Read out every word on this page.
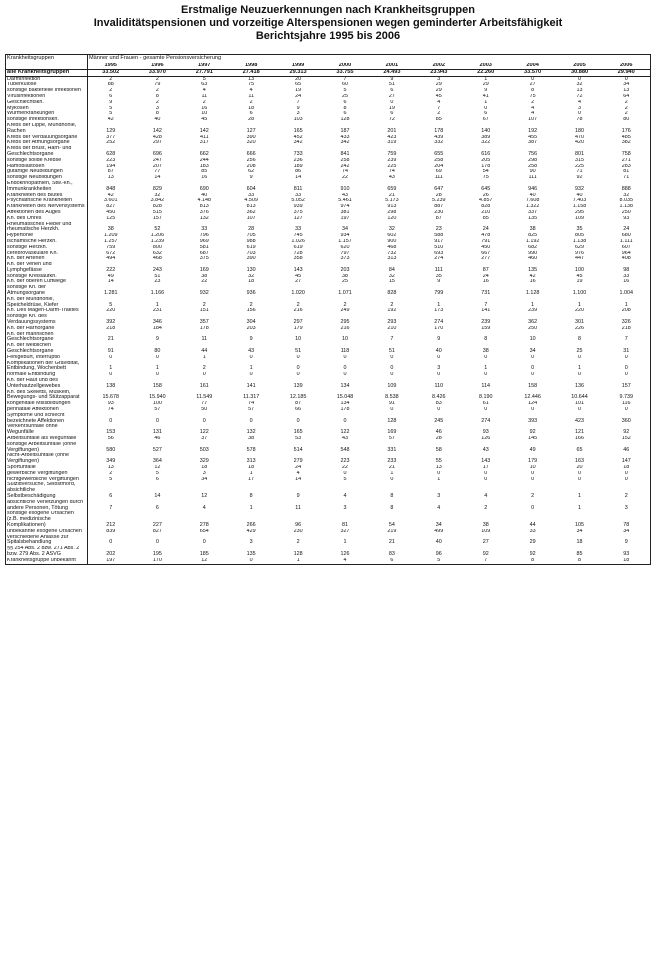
Erstmalige Neuzuerkennungen nach Krankheitsgruppen
Invaliditätspensionen und vorzeitige Alterspensionen wegen geminderter Arbeitsfähigkeit
Berichtsjahre 1995 bis 2006
Krankheitsgruppen	Männer und Frauen - gesamte Pensionsversicherung											
	1995	1996	1997	1998	1999	2000	2001	2002	2003	2004	2005	2006
alle Krankheitsgruppen	33.502	33.970	27.791	27.418	29.313	33.755	24.493	23.943	22.260	33.570	30.880	29.940
Darminfektion	2	2	5	13	20	7	9	3	1	0	0	0
Tuberkulose	88	79	63	75	65	60	51	29	29	27	32	34
sonstige bakterielle Infektionen	2	2	4	4	19	5	6	29	9	8	13	13
Virusinfektionen	6	8	11	11	24	25	27	45	41	75	72	64
Geschlechtskh.	9	2	2	2	7	6	0	4	1	2	4	2
Mykosen	5	3	16	18	9	8	19	7	0	4	3	2
Wurmerkrankungen	5	8	10	6	3	6	6	2	6	4	0	2
sonstige Infektionskh.	42	40	45	28	103	128	72	85	67	107	78	80
Krebs der Lippe, Mundhöhle, Rachen	129	142	142	127	165	187	201	178	140	192	180	176
Krebs der Verdauungsorgane	377	428	411	390	452	433	423	439	389	455	470	485
Krebs der Atmungsorgane	252	297	317	320	342	342	319	332	322	387	420	382
Krebs der Brust, Harn- und Geschlechtsorgane	628	696	662	666	733	841	759	655	616	756	801	758
sonstige solide Krebse	223	247	244	256	236	258	239	258	205	298	315	271
Hämoblastosen	194	207	183	208	189	242	225	204	178	258	225	283
gutartige Neubildungen	87	77	85	62	86	74	74	69	54	90	71	81
sonstige Neubildungen	13	14	16	9	14	22	43	111	75	111	92	71
Endokrinopathien, Stw.-kh., Immunkrankheiten	848	829	690	604	811	910	659	647	645	946	932	888
Krankheiten des Blutes	42	32	40	33	33	43	21	28	26	40	40	32
Psychiatrische Krankheiten	3.601	3.842	4.148	4.509	5.052	5.461	5.173	5.239	4.857	7.608	7.403	8.035
Krankheiten des Nervensystems	827	828	813	813	939	974	913	887	828	1.322	1.158	1.138
Affektionen des Auges	450	515	376	362	375	381	298	230	210	337	295	250
Kh. des Ohres	125	157	132	107	127	197	120	87	85	135	109	93
Rheumatisches Fieber und rheumatische Herzkh.	38	52	33	28	33	34	32	23	24	38	35	24
Hypertonie	1.209	1.206	796	705	745	934	602	588	478	825	805	680
ischämische Herzkh.	1.257	1.239	969	988	1.026	1.157	900	917	791	1.192	1.138	1.111
sonstige Herzkh.	759	800	581	619	619	620	468	510	450	682	629	607
cerebrovaskuläre Kh.	672	632	687	703	728	797	732	693	667	990	976	964
Kh. der Arterien	494	468	375	390	358	373	313	274	277	460	447	408
Kh. der Venen und Lymphgefässe	222	243	169	130	143	203	84	111	87	135	100	98
sonstige Kreislaufkh.	49	51	38	32	45	38	32	35	24	42	45	33
Kh. der oberen Luftwege	14	23	22	18	27	25	15	9	16	16	19	16
sonstige Kh. der Atmungsorgane	1.281	1.166	932	936	1.020	1.071	828	799	731	1.128	1.100	1.004
Kh. der Mundhöhle, Speicheldrüse, Kiefer	5	1	2	2	2	2	2	1	7	1	1	1
Kh. Des Magen-Darm-Traktes	220	231	151	156	216	249	192	173	141	239	220	208
sonstige Kh. des Verdauungssystems	392	346	357	304	297	295	293	274	239	362	301	326
Kh. der Harnorgane	218	184	178	203	179	216	210	170	159	250	226	218
Kh. der männlichen Geschlechtsorgane	21	9	11	9	10	10	7	9	8	10	8	7
Kh. der weiblichen Geschlechtsorgane	91	80	44	43	51	118	51	40	38	34	25	31
Fehlgeburt, Interruptio	0	0	1	0	0	0	0	0	0	0	0	0
Komplikationen der Gravidität, Entbindung, Wochenbett	1	1	2	1	0	0	0	3	1	0	1	0
normale Entbindung	0	0	0	0	0	0	0	0	0	0	0	0
Kh. der Haut und des Unterhautzellgewebes	138	158	161	141	139	134	109	110	114	158	136	157
Kh. des Skeletts, Muskeln, Bewegungs- und Stützapparat	15.678	15.940	11.549	11.317	12.185	15.048	8.538	8.426	8.190	12.446	10.644	9.739
kongenitale Missbildungen	93	100	77	74	87	134	91	83	61	124	101	116
perinatale Affektionen	74	57	50	57	66	178	0	0	0	0	0	0
Symptome und schlecht bezeichnete Affektionen	0	0	0	0	0	0	128	245	274	393	423	360
Verkehrsunfälle ohne Wegunfälle	153	131	122	132	165	122	169	46	93	92	121	92
Arbeitsunfälle als Wegunfälle	56	46	37	38	53	43	57	28	126	145	166	152
sonstige Arbeitsunfälle (ohne Vergiftungen)	580	527	503	578	514	548	331	58	43	49	65	46
Nicht-Arbeitsunfälle (ohne Vergiftungen)	349	364	329	313	279	223	233	55	143	179	163	147
Sportunfälle	13	12	18	18	24	22	21	13	17	10	20	18
gewerbliche Vergiftungen	2	5	3	1	4	0	1	0	0	0	0	0
nichtgewerbliche Vergiftungen	5	6	34	17	14	5	0	1	0	0	0	0
Suizidversuche, Selbstmord, absichtliche Selbstbeschädigung	6	14	12	8	9	4	8	3	4	2	1	2
absichtliche Verletzungen durch andere Personen, Tötung	7	6	4	1	11	3	8	4	2	0	1	3
sonstige exogene Ursachen (z.B. medizinische Komplikationen)	212	227	278	266	96	81	54	34	38	44	105	78
unbekannte exogene Ursachen	839	827	654	429	230	327	219	499	109	33	34	34
verschiedene Anlässe zur Spitalsbehandlung	0	0	0	3	2	1	21	40	27	29	18	9
§§ 254 Abs. 2 bzw. 271 Abs. 2 bzw. 279 Abs. 2 ASVG	202	195	185	135	128	126	83	96	92	92	85	93
Krankheitsgruppe unbekannt	197	170	12	0	1	4	6	5	7	8	8	18
